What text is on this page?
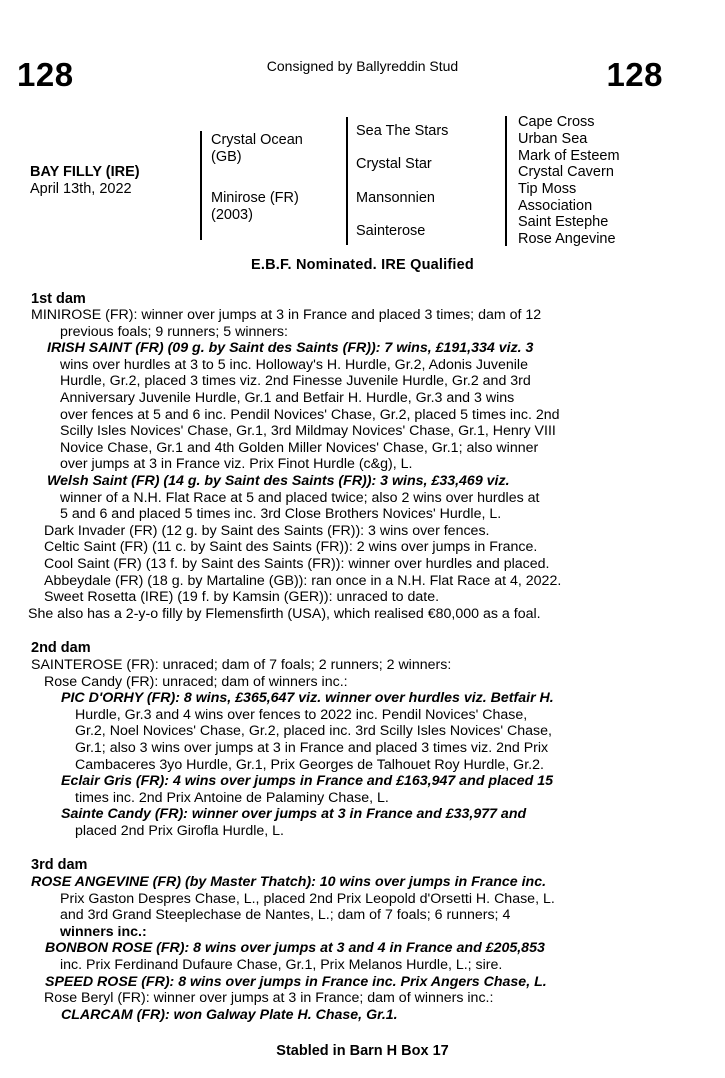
128	128
Consigned by Ballyreddin Stud
BAY FILLY (IRE)
April 13th, 2022
Crystal Ocean (GB)
Minirose (FR) (2003)
Sea The Stars
Crystal Star
Mansonnien
Sainterose
Cape Cross
Urban Sea
Mark of Esteem
Crystal Cavern
Tip Moss
Association
Saint Estephe
Rose Angevine
E.B.F. Nominated. IRE Qualified
1st dam
MINIROSE (FR): winner over jumps at 3 in France and placed 3 times; dam of 12
previous foals; 9 runners; 5 winners:
IRISH SAINT (FR) (09 g. by Saint des Saints (FR)): 7 wins, £191,334 viz. 3
wins over hurdles at 3 to 5 inc. Holloway's H. Hurdle, Gr.2, Adonis Juvenile
Hurdle, Gr.2, placed 3 times viz. 2nd Finesse Juvenile Hurdle, Gr.2 and 3rd
Anniversary Juvenile Hurdle, Gr.1 and Betfair H. Hurdle, Gr.3 and 3 wins
over fences at 5 and 6 inc. Pendil Novices' Chase, Gr.2, placed 5 times inc. 2nd
Scilly Isles Novices' Chase, Gr.1, 3rd Mildmay Novices' Chase, Gr.1, Henry VIII
Novice Chase, Gr.1 and 4th Golden Miller Novices' Chase, Gr.1; also winner
over jumps at 3 in France viz. Prix Finot Hurdle (c&g), L.
Welsh Saint (FR) (14 g. by Saint des Saints (FR)): 3 wins, £33,469 viz.
winner of a N.H. Flat Race at 5 and placed twice; also 2 wins over hurdles at
5 and 6 and placed 5 times inc. 3rd Close Brothers Novices' Hurdle, L.
Dark Invader (FR) (12 g. by Saint des Saints (FR)): 3 wins over fences.
Celtic Saint (FR) (11 c. by Saint des Saints (FR)): 2 wins over jumps in France.
Cool Saint (FR) (13 f. by Saint des Saints (FR)): winner over hurdles and placed.
Abbeydale (FR) (18 g. by Martaline (GB)): ran once in a N.H. Flat Race at 4, 2022.
Sweet Rosetta (IRE) (19 f. by Kamsin (GER)): unraced to date.
She also has a 2-y-o filly by Flemensfirth (USA), which realised €80,000 as a foal.
2nd dam
SAINTEROSE (FR): unraced; dam of 7 foals; 2 runners; 2 winners:
Rose Candy (FR): unraced; dam of winners inc.:
PIC D'ORHY (FR): 8 wins, £365,647 viz. winner over hurdles viz. Betfair H.
Hurdle, Gr.3 and 4 wins over fences to 2022 inc. Pendil Novices' Chase,
Gr.2, Noel Novices' Chase, Gr.2, placed inc. 3rd Scilly Isles Novices' Chase,
Gr.1; also 3 wins over jumps at 3 in France and placed 3 times viz. 2nd Prix
Cambaceres 3yo Hurdle, Gr.1, Prix Georges de Talhouet Roy Hurdle, Gr.2.
Eclair Gris (FR): 4 wins over jumps in France and £163,947 and placed 15
times inc. 2nd Prix Antoine de Palaminy Chase, L.
Sainte Candy (FR): winner over jumps at 3 in France and £33,977 and
placed 2nd Prix Girofla Hurdle, L.
3rd dam
ROSE ANGEVINE (FR) (by Master Thatch): 10 wins over jumps in France inc.
Prix Gaston Despres Chase, L., placed 2nd Prix Leopold d'Orsetti H. Chase, L.
and 3rd Grand Steeplechase de Nantes, L.; dam of 7 foals; 6 runners; 4
winners inc.:
BONBON ROSE (FR): 8 wins over jumps at 3 and 4 in France and £205,853
inc. Prix Ferdinand Dufaure Chase, Gr.1, Prix Melanos Hurdle, L.; sire.
SPEED ROSE (FR): 8 wins over jumps in France inc. Prix Angers Chase, L.
Rose Beryl (FR): winner over jumps at 3 in France; dam of winners inc.:
CLARCAM (FR): won Galway Plate H. Chase, Gr.1.
Stabled in Barn H Box 17
